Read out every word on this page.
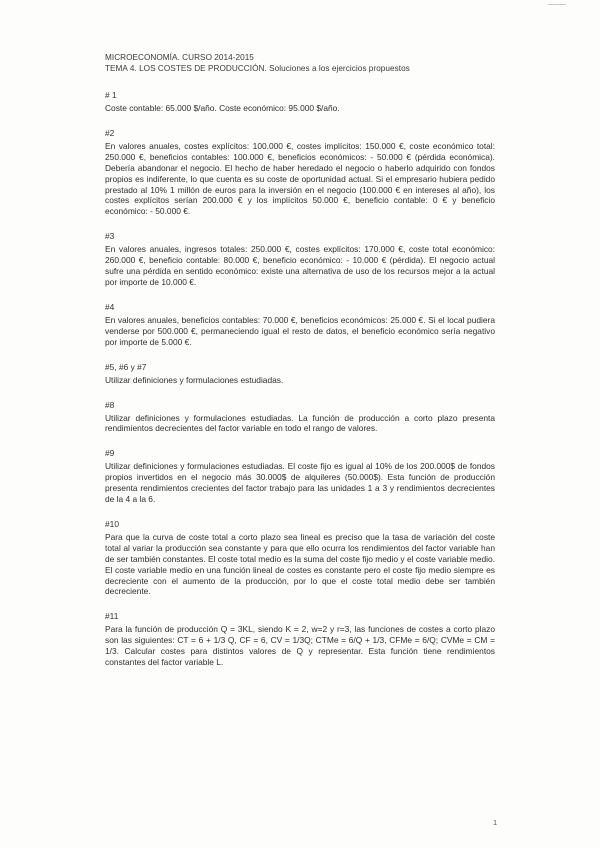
MICROECONOMÍA. CURSO 2014-2015
TEMA 4. LOS COSTES DE PRODUCCIÓN. Soluciones a los ejercicios propuestos
# 1
Coste contable: 65.000 $/año. Coste económico: 95.000 $/año.
#2
En valores anuales, costes explícitos: 100.000 €, costes implícitos: 150.000 €, coste económico total: 250.000 €, beneficios contables: 100.000 €, beneficios económicos: - 50.000 € (pérdida económica). Debería abandonar el negocio. El hecho de haber heredado el negocio o haberlo adquirido con fondos propios es indiferente, lo que cuenta es su coste de oportunidad actual. Si el empresario hubiera pedido prestado al 10% 1 millón de euros para la inversión en el negocio (100.000 € en intereses al año), los costes explícitos serían 200.000 € y los implícitos 50.000 €, beneficio contable: 0 € y beneficio económico: - 50.000 €.
#3
En valores anuales, ingresos totales: 250.000 €, costes explícitos: 170.000 €, coste total económico: 260.000 €, beneficio contable: 80.000 €, beneficio económico: - 10.000 € (pérdida). El negocio actual sufre una pérdida en sentido económico: existe una alternativa de uso de los recursos mejor a la actual por importe de 10.000 €.
#4
En valores anuales, beneficios contables: 70.000 €, beneficios económicos: 25.000 €. Si el local pudiera venderse por 500.000 €, permaneciendo igual el resto de datos, el beneficio económico sería negativo por importe de 5.000 €.
#5, #6 y #7
Utilizar definiciones y formulaciones estudiadas.
#8
Utilizar definiciones y formulaciones estudiadas. La función de producción a corto plazo presenta rendimientos decrecientes del factor variable en todo el rango de valores.
#9
Utilizar definiciones y formulaciones estudiadas. El coste fijo es igual al 10% de los 200.000$ de fondos propios invertidos en el negocio más 30.000$ de alquileres (50.000$). Esta función de producción presenta rendimientos crecientes del factor trabajo para las unidades 1 a 3 y rendimientos decrecientes de la 4 a la 6.
#10
Para que la curva de coste total a corto plazo sea lineal es preciso que la tasa de variación del coste total al variar la producción sea constante y para que ello ocurra los rendimientos del factor variable han de ser también constantes. El coste total medio es la suma del coste fijo medio y el coste variable medio. El coste variable medio en una función lineal de costes es constante pero el coste fijo medio siempre es decreciente con el aumento de la producción, por lo que el coste total medio debe ser también decreciente.
#11
Para la función de producción Q = 3KL, siendo K = 2, w=2 y r=3, las funciones de costes a corto plazo son las siguientes: CT = 6 + 1/3 Q, CF = 6, CV = 1/3Q; CTMe = 6/Q + 1/3, CFMe = 6/Q; CVMe = CM = 1/3. Calcular costes para distintos valores de Q y representar. Esta función tiene rendimientos constantes del factor variable L.
1
